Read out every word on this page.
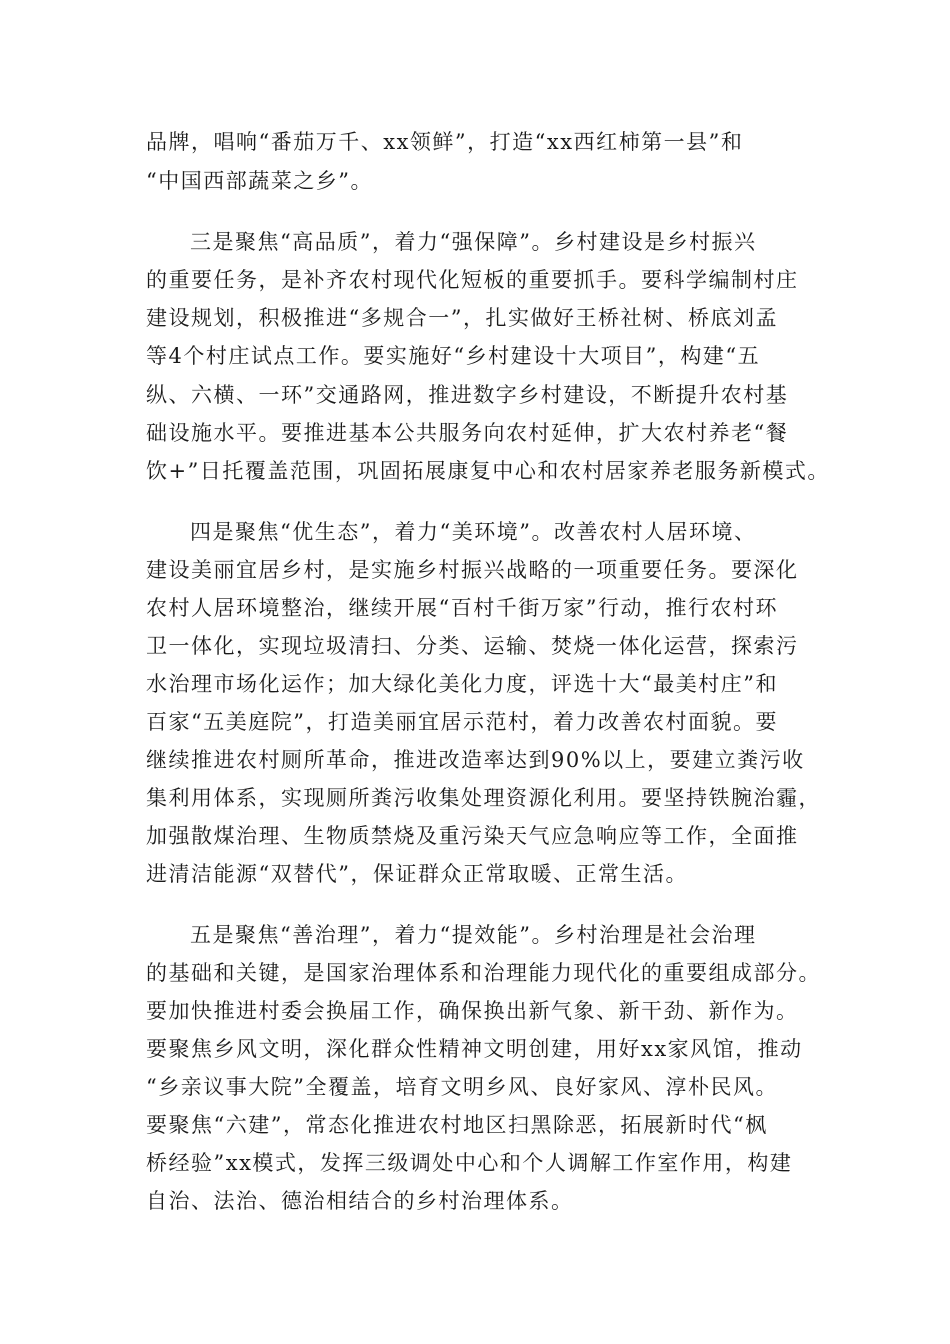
品牌，唱响“番茄万千、xx领鲜”，打造“xx西红柿第一县”和
“中国西部蔬菜之乡”。
三是聚焦“高品质”，着力“强保障”。乡村建设是乡村振兴
的重要任务，是补齐农村现代化短板的重要抓手。要科学编制村庄
建设规划，积极推进“多规合一”，扎实做好王桥社树、桥底刘孟
等4个村庄试点工作。要实施好“乡村建设十大项目”，构建“五
纵、六横、一环”交通路网，推进数字乡村建设，不断提升农村基
础设施水平。要推进基本公共服务向农村延伸，扩大农村养老“餐
饮+”日托覆盖范围，巩固拓展康复中心和农村居家养老服务新模式。
四是聚焦“优生态”，着力“美环境”。改善农村人居环境、
建设美丽宜居乡村，是实施乡村振兴战略的一项重要任务。要深化
农村人居环境整治，继续开展“百村千街万家”行动，推行农村环
卫一体化，实现垃圾清扫、分类、运输、焚烧一体化运营，探索污
水治理市场化运作；加大绿化美化力度，评选十大“最美村庄”和
百家“五美庭院”，打造美丽宜居示范村，着力改善农村面貌。要
继续推进农村厕所革命，推进改造率达到90%以上，要建立粪污收
集利用体系，实现厕所粪污收集处理资源化利用。要坚持铁腕治霾，
加强散煤治理、生物质禁烧及重污染天气应急响应等工作，全面推
进清洁能源“双替代”，保证群众正常取暖、正常生活。
五是聚焦“善治理”，着力“提效能”。乡村治理是社会治理
的基础和关键，是国家治理体系和治理能力现代化的重要组成部分。
要加快推进村委会换届工作，确保换出新气象、新干劲、新作为。
要聚焦乡风文明，深化群众性精神文明创建，用好xx家风馆，推动
“乡亲议事大院”全覆盖，培育文明乡风、良好家风、淳朴民风。
要聚焦“六建”，常态化推进农村地区扫黑除恶，拓展新时代“枫
桥经验”xx模式，发挥三级调处中心和个人调解工作室作用，构建
自治、法治、德治相结合的乡村治理体系。
